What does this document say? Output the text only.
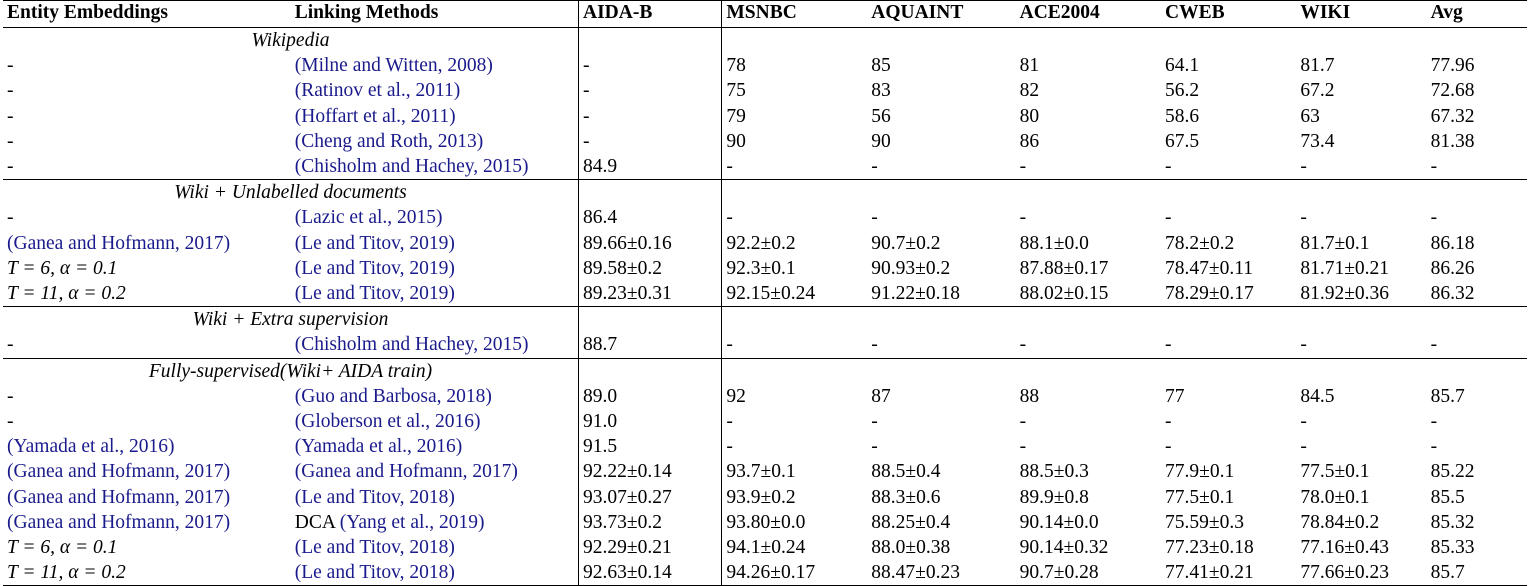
Entity Embeddings	Linking Methods	AIDA-B	MSNBC	AQUAINT	ACE2004	CWEB	WIKI	Avg
Wikipedia								
-	(Milne and Witten, 2008)	-	78	85	81	64.1	81.7	77.96
-	(Ratinov et al., 2011)	-	75	83	82	56.2	67.2	72.68
-	(Hoffart et al., 2011)	-	79	56	80	58.6	63	67.32
-	(Cheng and Roth, 2013)	-	90	90	86	67.5	73.4	81.38
-	(Chisholm and Hachey, 2015)	84.9	-	-	-	-	-	-
Wiki + Unlabelled documents								
-	(Lazic et al., 2015)	86.4	-	-	-	-	-	-
(Ganea and Hofmann, 2017)	(Le and Titov, 2019)	89.66±0.16	92.2±0.2	90.7±0.2	88.1±0.0	78.2±0.2	81.7±0.1	86.18
T = 6, α = 0.1	(Le and Titov, 2019)	89.58±0.2	92.3±0.1	90.93±0.2	87.88±0.17	78.47±0.11	81.71±0.21	86.26
T = 11, α = 0.2	(Le and Titov, 2019)	89.23±0.31	92.15±0.24	91.22±0.18	88.02±0.15	78.29±0.17	81.92±0.36	86.32
Wiki + Extra supervision								
-	(Chisholm and Hachey, 2015)	88.7	-	-	-	-	-	-
Fully-supervised(Wiki+ AIDA train)								
-	(Guo and Barbosa, 2018)	89.0	92	87	88	77	84.5	85.7
-	(Globerson et al., 2016)	91.0	-	-	-	-	-	-
(Yamada et al., 2016)	(Yamada et al., 2016)	91.5	-	-	-	-	-	-
(Ganea and Hofmann, 2017)	(Ganea and Hofmann, 2017)	92.22±0.14	93.7±0.1	88.5±0.4	88.5±0.3	77.9±0.1	77.5±0.1	85.22
(Ganea and Hofmann, 2017)	(Le and Titov, 2018)	93.07±0.27	93.9±0.2	88.3±0.6	89.9±0.8	77.5±0.1	78.0±0.1	85.5
(Ganea and Hofmann, 2017)	DCA (Yang et al., 2019)	93.73±0.2	93.80±0.0	88.25±0.4	90.14±0.0	75.59±0.3	78.84±0.2	85.32
T = 6, α = 0.1	(Le and Titov, 2018)	92.29±0.21	94.1±0.24	88.0±0.38	90.14±0.32	77.23±0.18	77.16±0.43	85.33
T = 11, α = 0.2	(Le and Titov, 2018)	92.63±0.14	94.26±0.17	88.47±0.23	90.7±0.28	77.41±0.21	77.66±0.23	85.7
